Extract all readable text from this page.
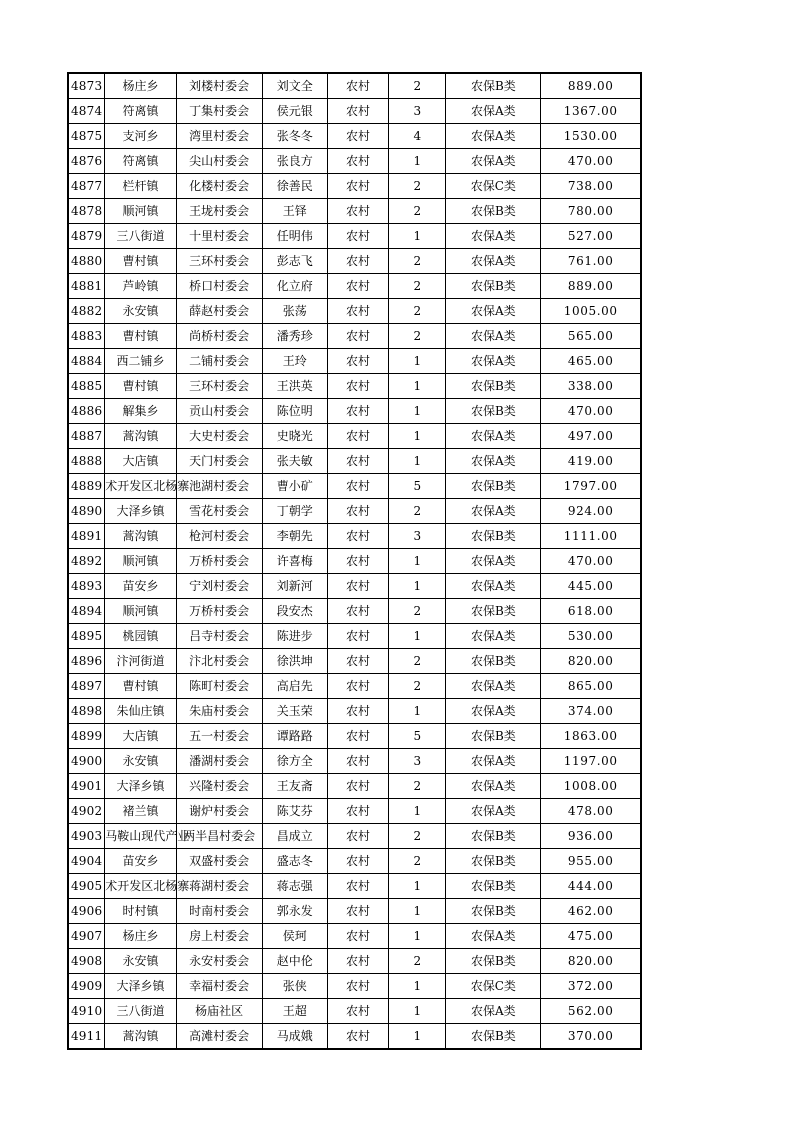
4873	杨庄乡	刘楼村委会	刘文全	农村	2	农保B类	889.00
4874	符离镇	丁集村委会	侯元银	农村	3	农保A类	1367.00
4875	支河乡	湾里村委会	张冬冬	农村	4	农保A类	1530.00
4876	符离镇	尖山村委会	张良方	农村	1	农保A类	470.00
4877	栏杆镇	化楼村委会	徐善民	农村	2	农保C类	738.00
4878	顺河镇	王垅村委会	王铎	农村	2	农保B类	780.00
4879	三八街道	十里村委会	任明伟	农村	1	农保A类	527.00
4880	曹村镇	三环村委会	彭志飞	农村	2	农保A类	761.00
4881	芦岭镇	桥口村委会	化立府	农村	2	农保B类	889.00
4882	永安镇	薛赵村委会	张荡	农村	2	农保A类	1005.00
4883	曹村镇	尚桥村委会	潘秀珍	农村	2	农保A类	565.00
4884	西二铺乡	二铺村委会	王玲	农村	1	农保A类	465.00
4885	曹村镇	三环村委会	王洪英	农村	1	农保B类	338.00
4886	解集乡	贡山村委会	陈位明	农村	1	农保B类	470.00
4887	蒿沟镇	大史村委会	史晓光	农村	1	农保A类	497.00
4888	大店镇	天门村委会	张夫敏	农村	1	农保A类	419.00
4889	术开发区北杨寨	池湖村委会	曹小矿	农村	5	农保B类	1797.00
4890	大泽乡镇	雪花村委会	丁朝学	农村	2	农保A类	924.00
4891	蒿沟镇	枪河村委会	李朝先	农村	3	农保B类	1111.00
4892	顺河镇	万桥村委会	许喜梅	农村	1	农保A类	470.00
4893	苗安乡	宁刘村委会	刘新河	农村	1	农保A类	445.00
4894	顺河镇	万桥村委会	段安杰	农村	2	农保B类	618.00
4895	桃园镇	吕寺村委会	陈进步	农村	1	农保A类	530.00
4896	汴河街道	汴北村委会	徐洪坤	农村	2	农保B类	820.00
4897	曹村镇	陈町村委会	高启先	农村	2	农保A类	865.00
4898	朱仙庄镇	朱庙村委会	关玉荣	农村	1	农保A类	374.00
4899	大店镇	五一村委会	谭路路	农村	5	农保B类	1863.00
4900	永安镇	潘湖村委会	徐方全	农村	3	农保A类	1197.00
4901	大泽乡镇	兴隆村委会	王友斋	农村	2	农保A类	1008.00
4902	褚兰镇	谢炉村委会	陈艾芬	农村	1	农保A类	478.00
4903	马鞍山现代产业	两半昌村委会	昌成立	农村	2	农保B类	936.00
4904	苗安乡	双盛村委会	盛志冬	农村	2	农保B类	955.00
4905	术开发区北杨寨	蒋湖村委会	蒋志强	农村	1	农保B类	444.00
4906	时村镇	时南村委会	郭永发	农村	1	农保B类	462.00
4907	杨庄乡	房上村委会	侯珂	农村	1	农保A类	475.00
4908	永安镇	永安村委会	赵中伦	农村	2	农保B类	820.00
4909	大泽乡镇	幸福村委会	张侠	农村	1	农保C类	372.00
4910	三八街道	杨庙社区	王超	农村	1	农保A类	562.00
4911	蒿沟镇	高滩村委会	马成娥	农村	1	农保B类	370.00
